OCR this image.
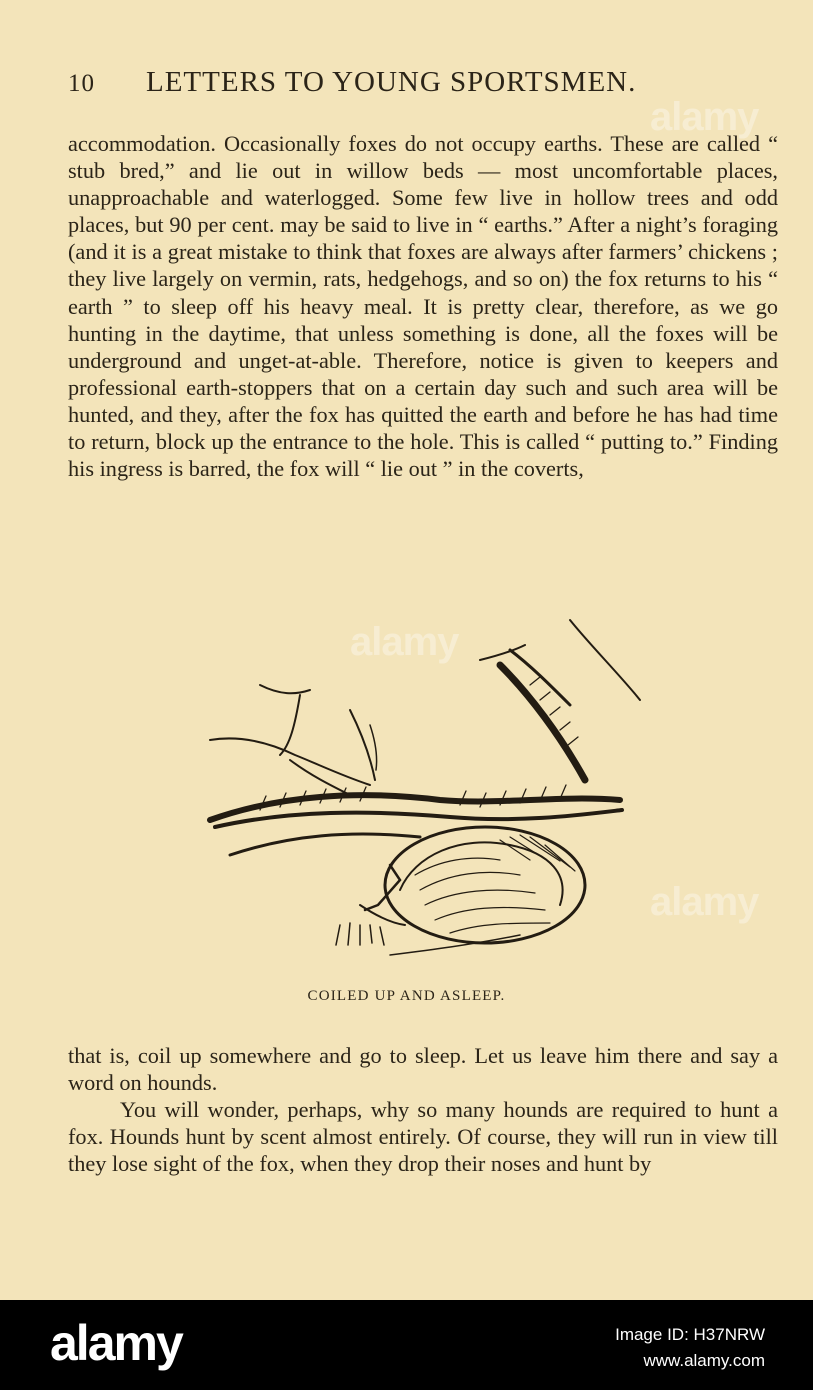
10	LETTERS TO YOUNG SPORTSMEN.

accommodation. Occasionally foxes do not occupy earths. These are called “ stub bred,” and lie out in willow beds — most uncomfortable places, unapproachable and waterlogged. Some few live in hollow trees and odd places, but 90 per cent. may be said to live in “ earths.” After a night’s foraging (and it is a great mistake to think that foxes are always after farmers’ chickens ; they live largely on vermin, rats, hedgehogs, and so on) the fox returns to his “ earth ” to sleep off his heavy meal. It is pretty clear, therefore, as we go hunting in the daytime, that unless something is done, all the foxes will be underground and unget-at-able. Therefore, notice is given to keepers and professional earth-stoppers that on a certain day such and such area will be hunted, and they, after the fox has quitted the earth and before he has had time to return, block up the entrance to the hole. This is called “ putting to.” Finding his ingress is barred, the fox will “ lie out ” in the coverts,

COILED UP AND ASLEEP.

that is, coil up somewhere and go to sleep. Let us leave him there and say a word on hounds.

You will wonder, perhaps, why so many hounds are required to hunt a fox. Hounds hunt by scent almost entirely. Of course, they will run in view till they lose sight of the fox, when they drop their noses and hunt by

alamy
alamy
alamy
alamy	Image ID: H37NRW
www.alamy.com
